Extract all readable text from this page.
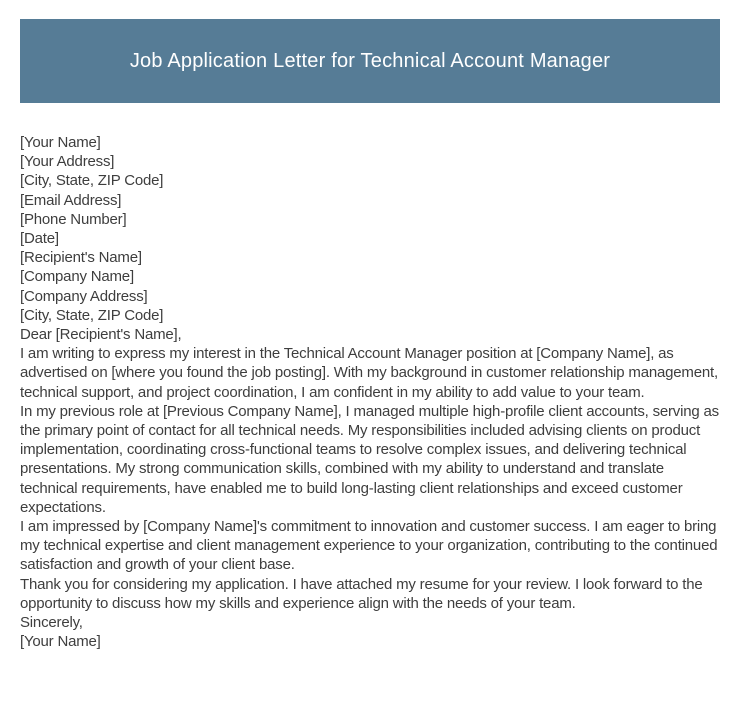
Job Application Letter for Technical Account Manager
[Your Name]
[Your Address]
[City, State, ZIP Code]
[Email Address]
[Phone Number]
[Date]
[Recipient's Name]
[Company Name]
[Company Address]
[City, State, ZIP Code]
Dear [Recipient's Name],

I am writing to express my interest in the Technical Account Manager position at [Company Name], as advertised on [where you found the job posting]. With my background in customer relationship management, technical support, and project coordination, I am confident in my ability to add value to your team.

In my previous role at [Previous Company Name], I managed multiple high-profile client accounts, serving as the primary point of contact for all technical needs. My responsibilities included advising clients on product implementation, coordinating cross-functional teams to resolve complex issues, and delivering technical presentations. My strong communication skills, combined with my ability to understand and translate technical requirements, have enabled me to build long-lasting client relationships and exceed customer expectations.

I am impressed by [Company Name]'s commitment to innovation and customer success. I am eager to bring my technical expertise and client management experience to your organization, contributing to the continued satisfaction and growth of your client base.

Thank you for considering my application. I have attached my resume for your review. I look forward to the opportunity to discuss how my skills and experience align with the needs of your team.

Sincerely,
[Your Name]
